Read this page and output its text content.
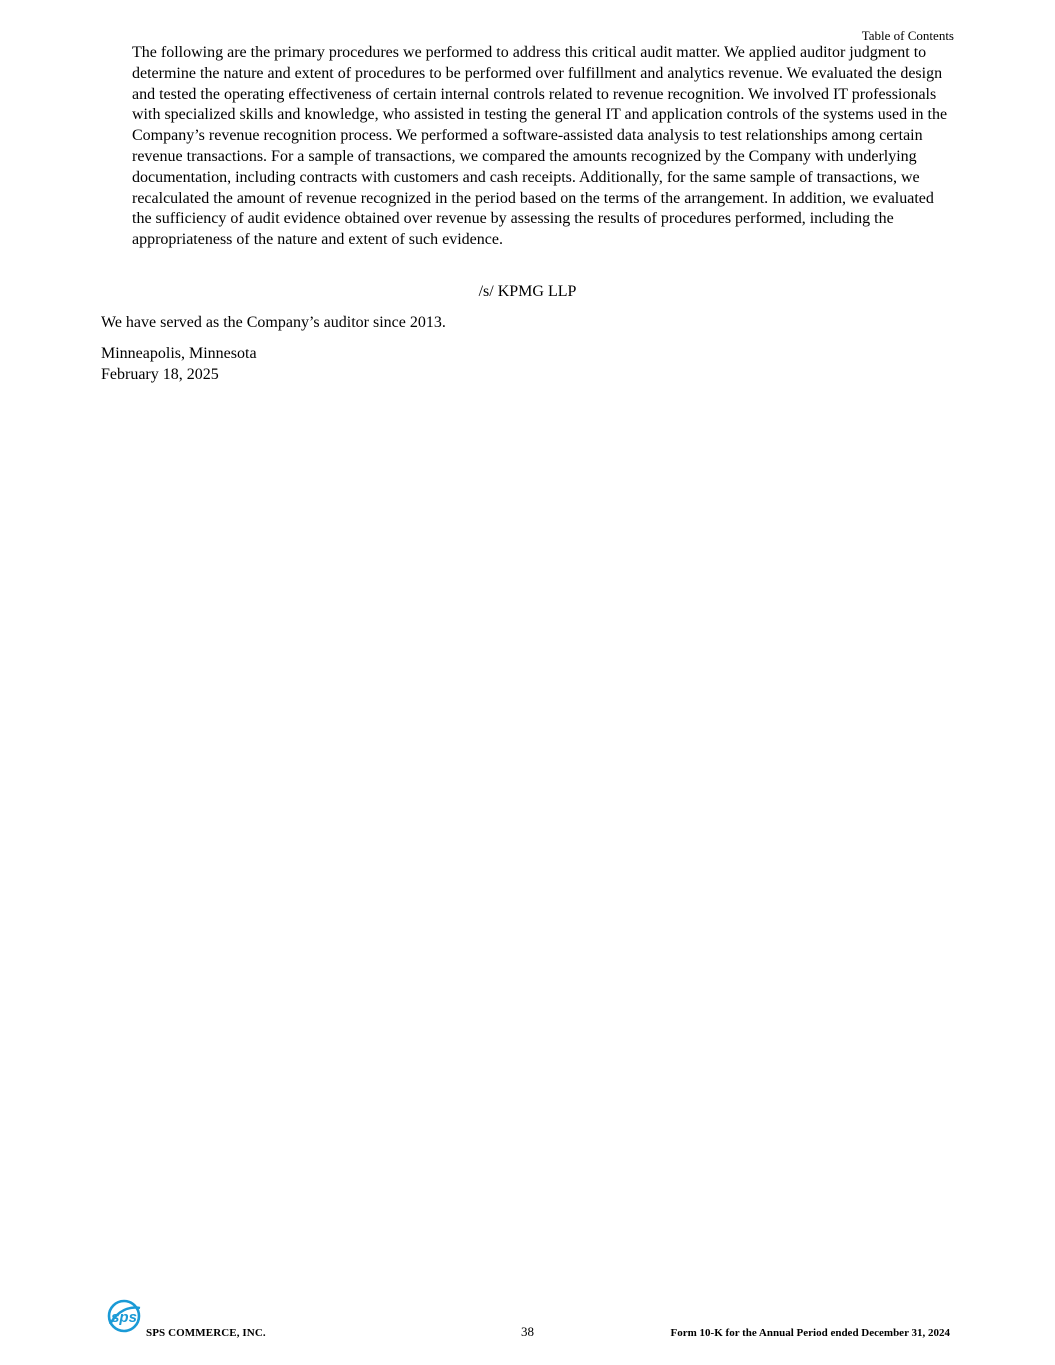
Table of Contents

The following are the primary procedures we performed to address this critical audit matter. We applied auditor judgment to determine the nature and extent of procedures to be performed over fulfillment and analytics revenue. We evaluated the design and tested the operating effectiveness of certain internal controls related to revenue recognition. We involved IT professionals with specialized skills and knowledge, who assisted in testing the general IT and application controls of the systems used in the Company’s revenue recognition process. We performed a software-assisted data analysis to test relationships among certain revenue transactions. For a sample of transactions, we compared the amounts recognized by the Company with underlying documentation, including contracts with customers and cash receipts. Additionally, for the same sample of transactions, we recalculated the amount of revenue recognized in the period based on the terms of the arrangement. In addition, we evaluated the sufficiency of audit evidence obtained over revenue by assessing the results of procedures performed, including the appropriateness of the nature and extent of such evidence.

/s/ KPMG LLP

We have served as the Company’s auditor since 2013.

Minneapolis, Minnesota
February 18, 2025

sps
SPS COMMERCE, INC.	38	Form 10-K for the Annual Period ended December 31, 2024
